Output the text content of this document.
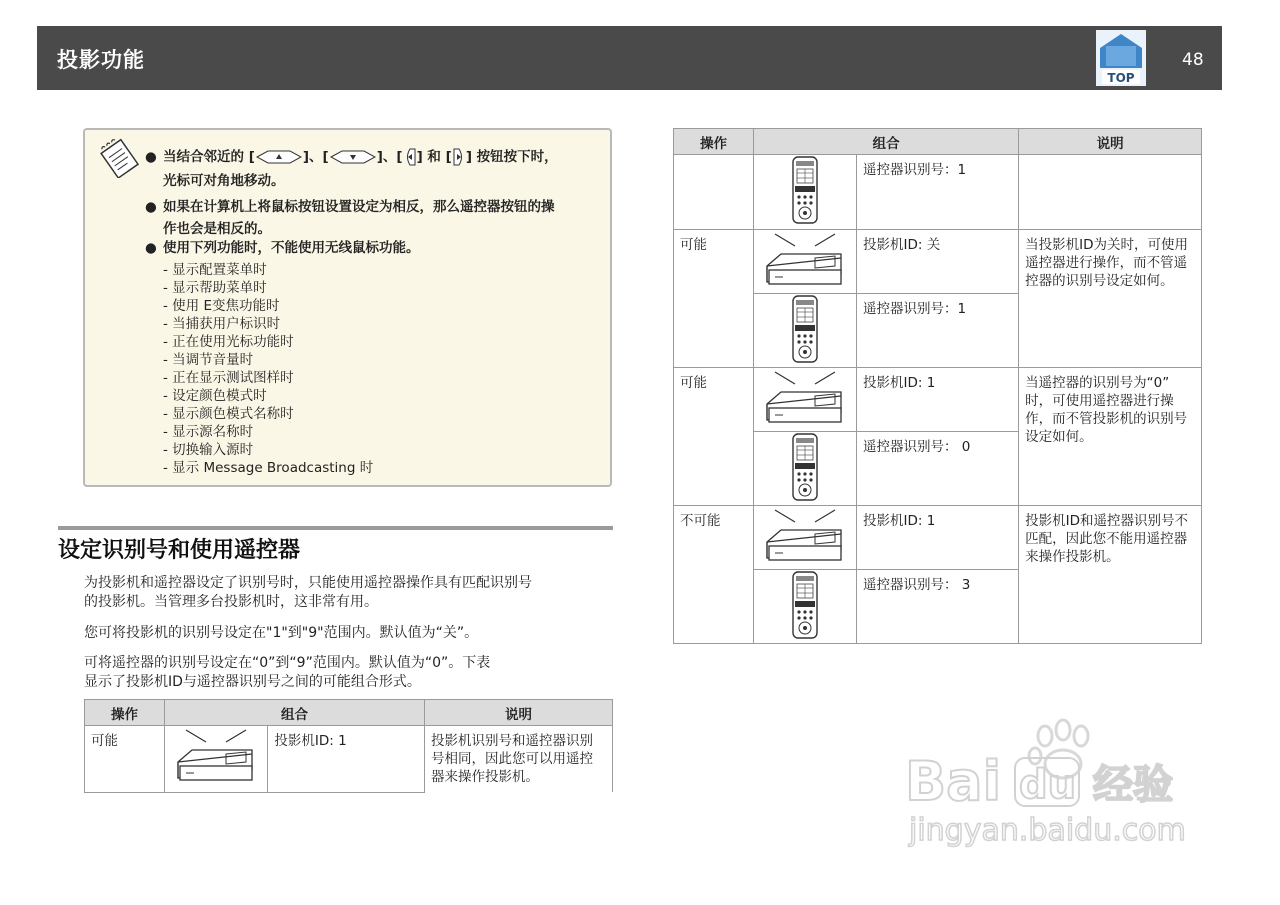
投影功能
TOP
48
● 当结合邻近的 [	]、[	]、[ ] 和 [ ] 按钮按下时，
光标可对角地移动。
● 如果在计算机上将鼠标按钮设置设定为相反，那么遥控器按钮的操
作也会是相反的。
● 使用下列功能时，不能使用无线鼠标功能。
- 显示配置菜单时
- 显示帮助菜单时
- 使用 E变焦功能时
- 当捕获用户标识时
- 正在使用光标功能时
- 当调节音量时
- 正在显示测试图样时
- 设定颜色模式时
- 显示颜色模式名称时
- 显示源名称时
- 切换输入源时
- 显示 Message Broadcasting 时
设定识别号和使用遥控器
为投影机和遥控器设定了识别号时，只能使用遥控器操作具有匹配识别号
的投影机。当管理多台投影机时，这非常有用。
您可将投影机的识别号设定在"1"到"9"范围内。默认值为“关”。
可将遥控器的识别号设定在“0”到“9”范围内。默认值为“0”。下表
显示了投影机ID与遥控器识别号之间的可能组合形式。
操作	组合		说明
可能		投影机ID: 1	投影机识别号和遥控器识别
号相同，因此您可以用遥控
器来操作投影机。
操作	组合		说明

	遥控器识别号：1	
可能		投影机ID: 关	当投影机ID为关时，可使用
遥控器进行操作，而不管遥
控器的识别号设定如何。

	遥控器识别号：1	
可能		投影机ID: 1	当遥控器的识别号为“0”
时，可使用遥控器进行操
作，而不管投影机的识别号
设定如何。

	遥控器识别号： 0	
不可能		投影机ID: 1	投影机ID和遥控器识别号不
匹配，因此您不能用遥控器
来操作投影机。

	遥控器识别号： 3	
Bai du 经验
jingyan.baidu.com
